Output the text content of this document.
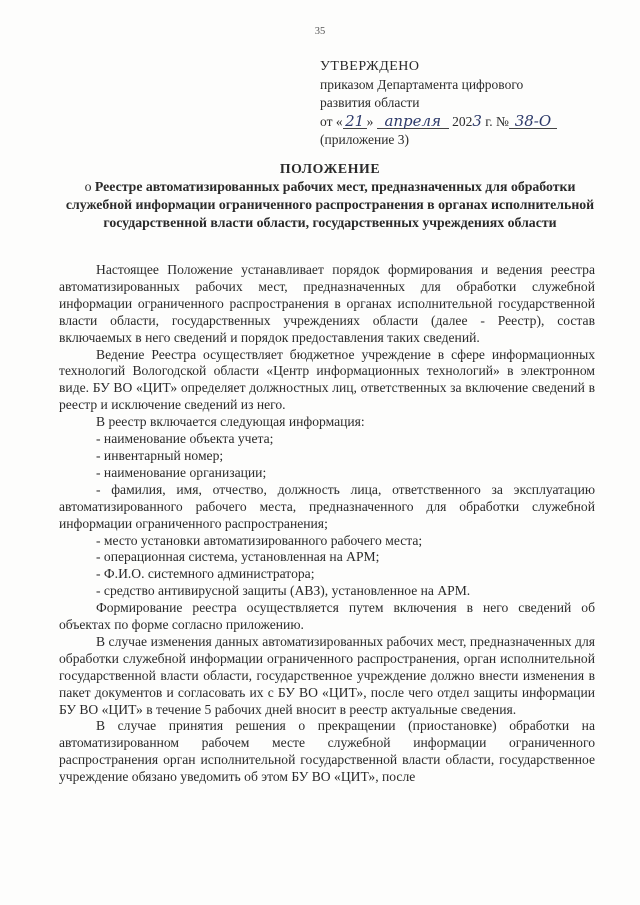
35
УТВЕРЖДЕНО
приказом Департамента цифрового
развития области
от « 21 » апреля 2023 г. № 38-О
(приложение 3)
ПОЛОЖЕНИЕ
о Реестре автоматизированных рабочих мест, предназначенных для обработки служебной информации ограниченного распространения в органах исполнительной государственной власти области, государственных учреждениях области

Настоящее Положение устанавливает порядок формирования и ведения реестра автоматизированных рабочих мест, предназначенных для обработки служебной информации ограниченного распространения в органах исполнительной государственной власти области, государственных учреждениях области (далее - Реестр), состав включаемых в него сведений и порядок предоставления таких сведений.

Ведение Реестра осуществляет бюджетное учреждение в сфере информационных технологий Вологодской области «Центр информационных технологий» в электронном виде. БУ ВО «ЦИТ» определяет должностных лиц, ответственных за включение сведений в реестр и исключение сведений из него.

В реестр включается следующая информация:

- наименование объекта учета;

- инвентарный номер;

- наименование организации;

- фамилия, имя, отчество, должность лица, ответственного за эксплуатацию автоматизированного рабочего места, предназначенного для обработки служебной информации ограниченного распространения;

- место установки автоматизированного рабочего места;

- операционная система, установленная на АРМ;

- Ф.И.О. системного администратора;

- средство антивирусной защиты (АВЗ), установленное на АРМ.

Формирование реестра осуществляется путем включения в него сведений об объектах по форме согласно приложению.

В случае изменения данных автоматизированных рабочих мест, предназначенных для обработки служебной информации ограниченного распространения, орган исполнительной государственной власти области, государственное учреждение должно внести изменения в пакет документов и согласовать их с БУ ВО «ЦИТ», после чего отдел защиты информации БУ ВО «ЦИТ» в течение 5 рабочих дней вносит в реестр актуальные сведения.

В случае принятия решения о прекращении (приостановке) обработки на автоматизированном рабочем месте служебной информации ограниченного распространения орган исполнительной государственной власти области, государственное учреждение обязано уведомить об этом БУ ВО «ЦИТ», после
